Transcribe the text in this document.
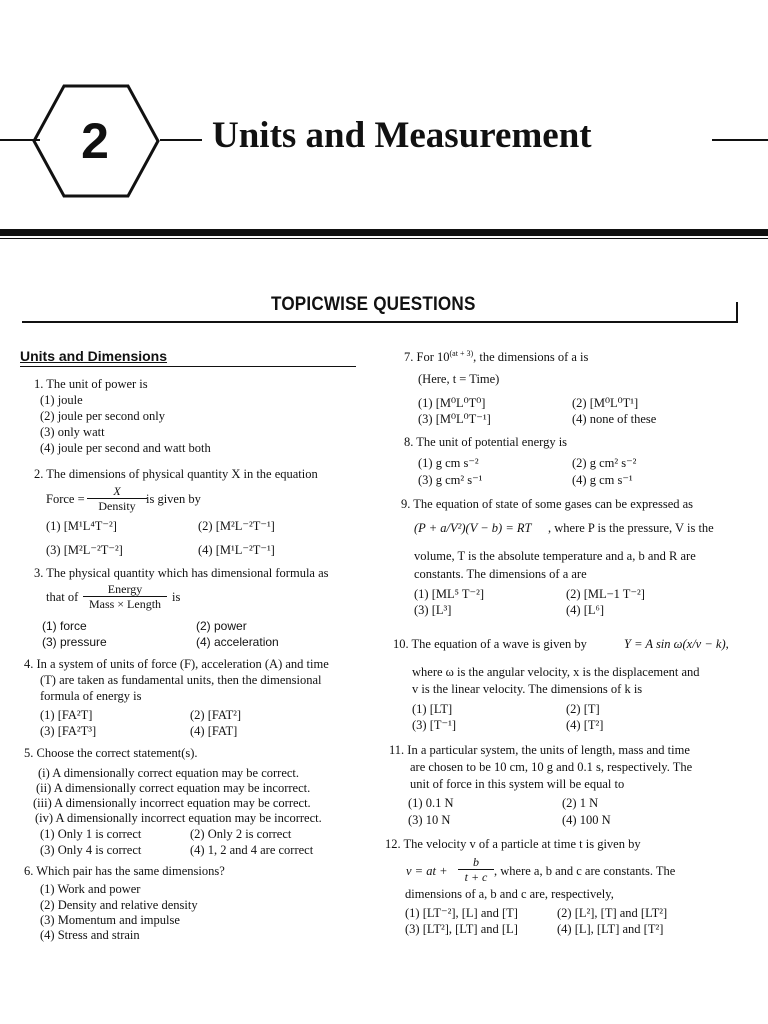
2	Units and Measurement
TOPICWISE QUESTIONS
Units and Dimensions
1. The unit of power is
(1) joule
(2) joule per second only
(3) only watt
(4) joule per second and watt both
2. The dimensions of physical quantity X in the equation
Force =
X
Density is given by
(1) [M¹L⁴T⁻²]	(2) [M²L⁻²T⁻¹]
(3) [M²L⁻²T⁻²]	(4) [M¹L⁻²T⁻¹]
3. The physical quantity which has dimensional formula as
that of
Energy
Mass × Length is
(1) force	(2) power
(3) pressure	(4) acceleration
4. In a system of units of force (F), acceleration (A) and time
(T) are taken as fundamental units, then the dimensional
formula of energy is
(1) [FA²T]	(2) [FAT²]
(3) [FA²T³]	(4) [FAT]
5. Choose the correct statement(s).
(i) A dimensionally correct equation may be correct.
(ii) A dimensionally correct equation may be incorrect.
(iii) A dimensionally incorrect equation may be correct.
(iv) A dimensionally incorrect equation may be incorrect.
(1) Only 1 is correct	(2) Only 2 is correct
(3) Only 4 is correct	(4) 1, 2 and 4 are correct
6. Which pair has the same dimensions?
(1) Work and power
(2) Density and relative density
(3) Momentum and impulse
(4) Stress and strain
7. For $10^{(at + 3)}$, the dimensions of a is
(Here, t = Time)
(1) [M⁰L⁰T⁰]	(2) [M⁰L⁰T¹]
(3) [M⁰L⁰T⁻¹]	(4) none of these
8. The unit of potential energy is
(1) g cm s⁻²	(2) g cm² s⁻²
(3) g cm² s⁻¹	(4) g cm s⁻¹
9. The equation of state of some gases can be expressed as
(P + a/V²)(V − b) = RT , where P is the pressure, V is the
volume, T is the absolute temperature and a, b and R are
constants. The dimensions of a are
(1) [ML⁵ T⁻²]	(2) [ML−1 T⁻²]
(3) [L³]	(4) [L⁶]
10. The equation of a wave is given by	Y = A sin ω(x/v − k),
where ω is the angular velocity, x is the displacement and
v is the linear velocity. The dimensions of k is
(1) [LT]	(2) [T]
(3) [T⁻¹]	(4) [T²]
11. In a particular system, the units of length, mass and time
are chosen to be 10 cm, 10 g and 0.1 s, respectively. The
unit of force in this system will be equal to
(1) 0.1 N	(2) 1 N
(3) 10 N	(4) 100 N
12. The velocity v of a particle at time t is given by
v = at + $\frac{b}{t + c}$ , where a, b and c are constants. The
dimensions of a, b and c are, respectively,
(1) [LT⁻²], [L] and [T]	(2) [L²], [T] and [LT²]
(3) [LT²], [LT] and [L]	(4) [L], [LT] and [T²]
